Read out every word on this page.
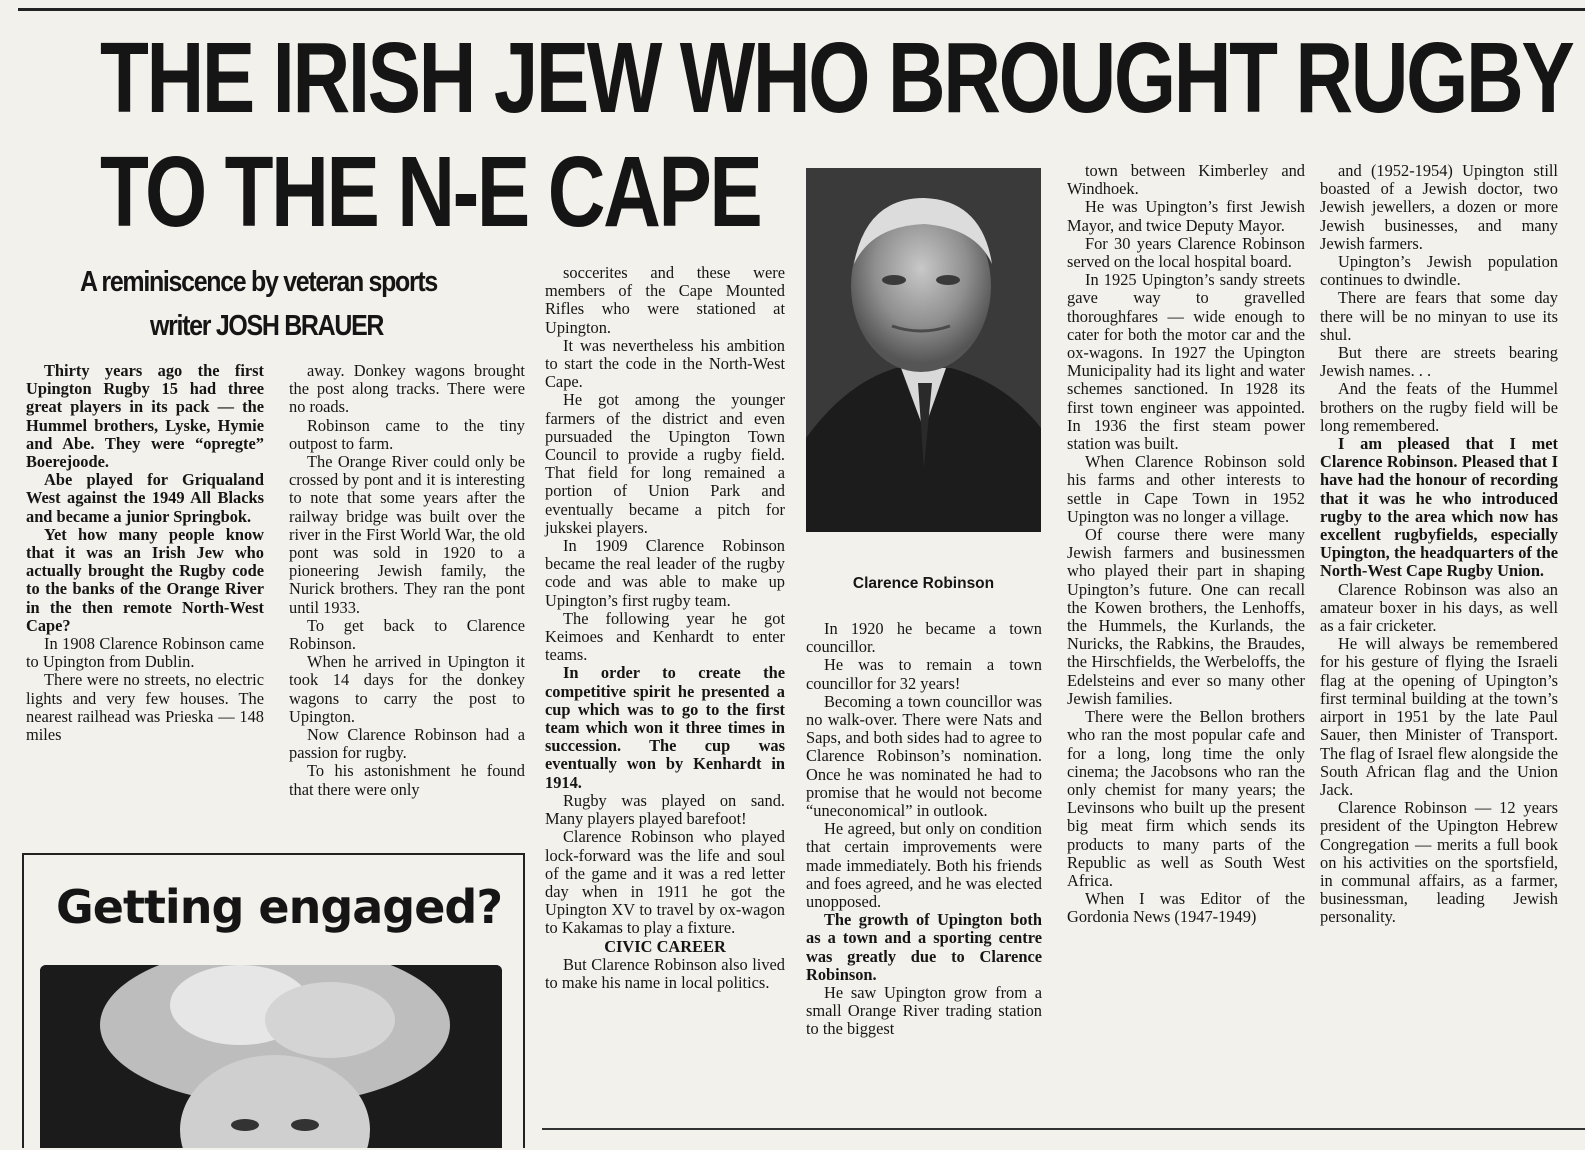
THE IRISH JEW WHO BROUGHT RUGBY
TO THE N-E CAPE
A reminiscence by veteran sports
writer JOSH BRAUER

Thirty years ago the first Upington Rugby 15 had three great players in its pack — the Hummel brothers, Lyske, Hymie and Abe. They were “opregte” Boerejoode.

Abe played for Griqualand West against the 1949 All Blacks and became a junior Springbok.

Yet how many people know that it was an Irish Jew who actually brought the Rugby code to the banks of the Orange River in the then remote North-West Cape?

In 1908 Clarence Robinson came to Upington from Dublin.

There were no streets, no electric lights and very few houses. The nearest railhead was Prieska — 148 miles

away. Donkey wagons brought the post along tracks. There were no roads.

Robinson came to the tiny outpost to farm.

The Orange River could only be crossed by pont and it is interesting to note that some years after the railway bridge was built over the river in the First World War, the old pont was sold in 1920 to a pioneering Jewish family, the Nurick brothers. They ran the pont until 1933.

To get back to Clarence Robinson.

When he arrived in Upington it took 14 days for the donkey wagons to carry the post to Upington.

Now Clarence Robinson had a passion for rugby.

To his astonishment he found that there were only

soccerites and these were members of the Cape Mounted Rifles who were stationed at Upington.

It was nevertheless his ambition to start the code in the North-West Cape.

He got among the younger farmers of the district and even pursuaded the Upington Town Council to provide a rugby field. That field for long remained a portion of Union Park and eventually became a pitch for jukskei players.

In 1909 Clarence Robinson became the real leader of the rugby code and was able to make up Upington’s first rugby team.

The following year he got Keimoes and Kenhardt to enter teams.

In order to create the competitive spirit he presented a cup which was to go to the first team which won it three times in succession. The cup was eventually won by Kenhardt in 1914.

Rugby was played on sand. Many players played barefoot!

Clarence Robinson who played lock-forward was the life and soul of the game and it was a red letter day when in 1911 he got the Upington XV to travel by ox-wagon to Kakamas to play a fixture.

CIVIC CAREER

But Clarence Robinson also lived to make his name in local politics.

In 1920 he became a town councillor.

He was to remain a town councillor for 32 years!

Becoming a town councillor was no walk-over. There were Nats and Saps, and both sides had to agree to Clarence Robinson’s nomination. Once he was nominated he had to promise that he would not become “uneconomical” in outlook.

He agreed, but only on condition that certain improvements were made immediately. Both his friends and foes agreed, and he was elected unopposed.

The growth of Upington both as a town and a sporting centre was greatly due to Clarence Robinson.

He saw Upington grow from a small Orange River trading station to the biggest

town between Kimberley and Windhoek.

He was Upington’s first Jewish Mayor, and twice Deputy Mayor.

For 30 years Clarence Robinson served on the local hospital board.

In 1925 Upington’s sandy streets gave way to gravelled thoroughfares — wide enough to cater for both the motor car and the ox-wagons. In 1927 the Upington Municipality had its light and water schemes sanctioned. In 1928 its first town engineer was appointed. In 1936 the first steam power station was built.

When Clarence Robinson sold his farms and other interests to settle in Cape Town in 1952 Upington was no longer a village.

Of course there were many Jewish farmers and businessmen who played their part in shaping Upington’s future. One can recall the Kowen brothers, the Lenhoffs, the Hummels, the Kurlands, the Nuricks, the Rabkins, the Braudes, the Hirschfields, the Werbeloffs, the Edelsteins and ever so many other Jewish families.

There were the Bellon brothers who ran the most popular cafe and for a long, long time the only cinema; the Jacobsons who ran the only chemist for many years; the Levinsons who built up the present big meat firm which sends its products to many parts of the Republic as well as South West Africa.

When I was Editor of the Gordonia News (1947-1949)

and (1952-1954) Upington still boasted of a Jewish doctor, two Jewish jewellers, a dozen or more Jewish businesses, and many Jewish farmers.

Upington’s Jewish population continues to dwindle.

There are fears that some day there will be no minyan to use its shul.

But there are streets bearing Jewish names. . .

And the feats of the Hummel brothers on the rugby field will be long remembered.

I am pleased that I met Clarence Robinson. Pleased that I have had the honour of recording that it was he who introduced rugby to the area which now has excellent rugbyfields, especially Upington, the headquarters of the North-West Cape Rugby Union.

Clarence Robinson was also an amateur boxer in his days, as well as a fair cricketer.

He will always be remembered for his gesture of flying the Israeli flag at the opening of Upington’s first terminal building at the town’s airport in 1951 by the late Paul Sauer, then Minister of Transport. The flag of Israel flew alongside the South African flag and the Union Jack.

Clarence Robinson — 12 years president of the Upington Hebrew Congregation — merits a full book on his activities on the sportsfield, in communal affairs, as a farmer, businessman, leading Jewish personality.

Clarence Robinson
Getting engaged?
